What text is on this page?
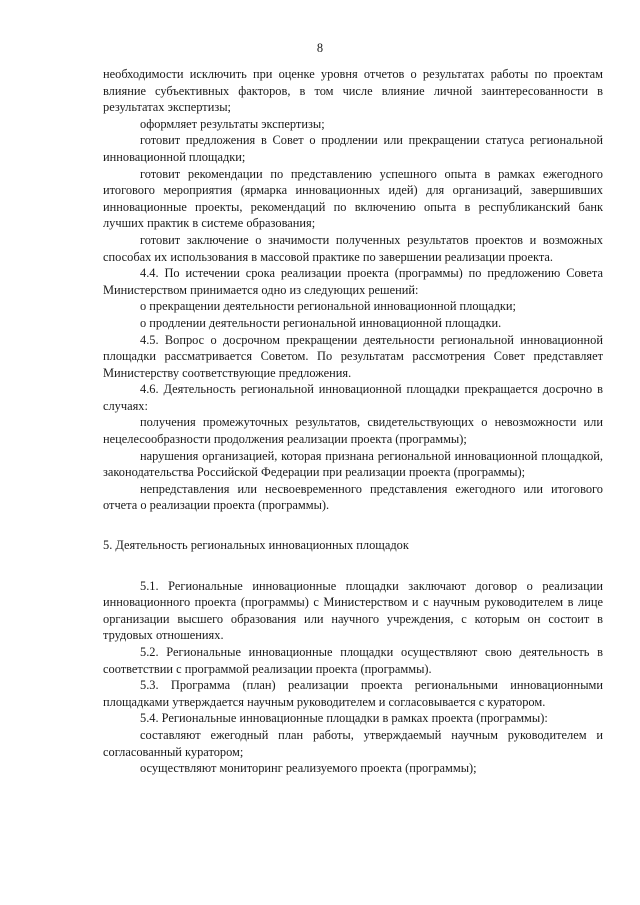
8

необходимости исключить при оценке уровня отчетов о результатах работы по проектам влияние субъективных факторов, в том числе влияние личной заинтересованности в результатах экспертизы;

оформляет результаты экспертизы;

готовит предложения в Совет о продлении или прекращении статуса региональной инновационной площадки;

готовит рекомендации по представлению успешного опыта в рамках ежегодного итогового мероприятия (ярмарка инновационных идей) для организаций, завершивших инновационные проекты, рекомендаций по включению опыта в республиканский банк лучших практик в системе образования;

готовит заключение о значимости полученных результатов проектов и возможных способах их использования в массовой практике по завершении реализации проекта.

4.4. По истечении срока реализации проекта (программы) по предложению Совета Министерством принимается одно из следующих решений:

о прекращении деятельности региональной инновационной площадки;

о продлении деятельности региональной инновационной площадки.

4.5. Вопрос о досрочном прекращении деятельности региональной инновационной площадки рассматривается Советом. По результатам рассмотрения Совет представляет Министерству соответствующие предложения.

4.6. Деятельность региональной инновационной площадки прекращается досрочно в случаях:

получения промежуточных результатов, свидетельствующих о невозможности или нецелесообразности продолжения реализации проекта (программы);

нарушения организацией, которая признана региональной инновационной площадкой, законодательства Российской Федерации при реализации проекта (программы);

непредставления или несвоевременного представления ежегодного или итогового отчета о реализации проекта (программы).

5. Деятельность региональных инновационных площадок

5.1. Региональные инновационные площадки заключают договор о реализации инновационного проекта (программы) с Министерством и с научным руководителем в лице организации высшего образования или научного учреждения, с которым он состоит в трудовых отношениях.

5.2. Региональные инновационные площадки осуществляют свою деятельность в соответствии с программой реализации проекта (программы).

5.3. Программа (план) реализации проекта региональными инновационными площадками утверждается научным руководителем и согласовывается с куратором.

5.4. Региональные инновационные площадки в рамках проекта (программы):

составляют ежегодный план работы, утверждаемый научным руководителем и согласованный куратором;

осуществляют мониторинг реализуемого проекта (программы);
